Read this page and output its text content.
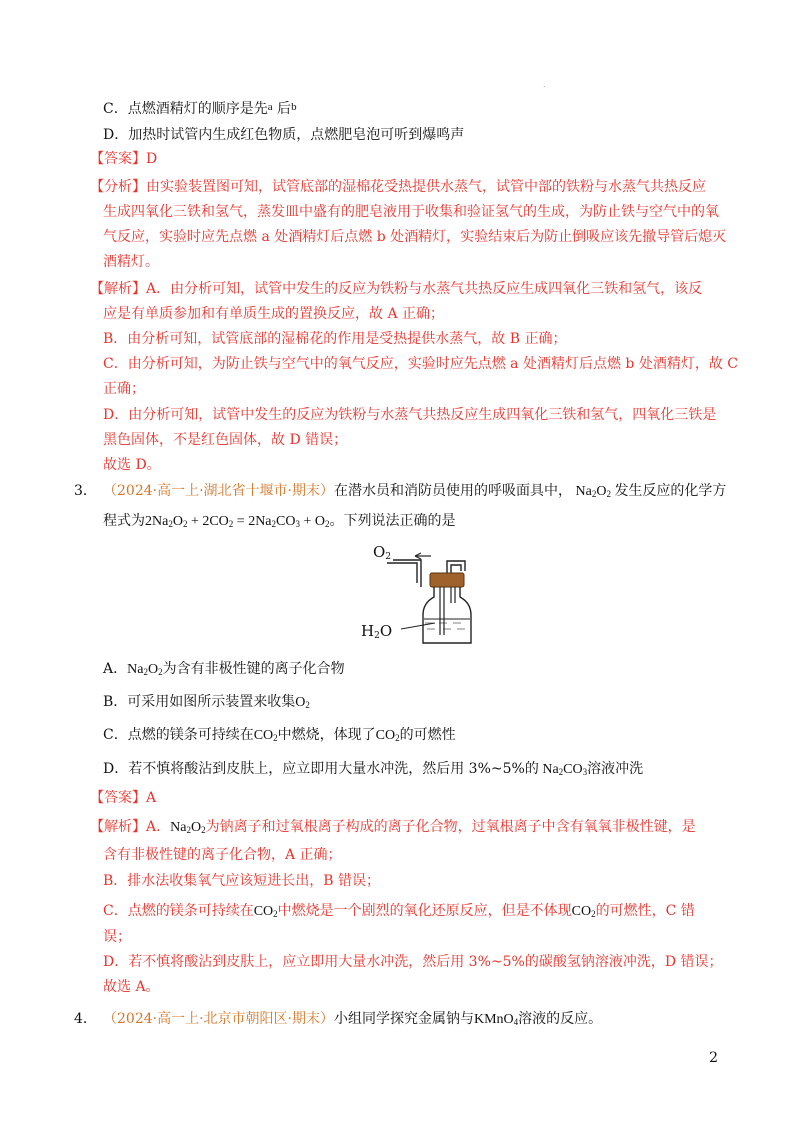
.
C．点燃酒精灯的顺序是先$^a$ 后$^b$
D．加热时试管内生成红色物质，点燃肥皂泡可听到爆鸣声
【答案】D
【分析】由实验装置图可知，试管底部的湿棉花受热提供水蒸气，试管中部的铁粉与水蒸气共热反应
生成四氧化三铁和氢气，蒸发皿中盛有的肥皂液用于收集和验证氢气的生成，为防止铁与空气中的氧
气反应，实验时应先点燃 a 处酒精灯后点燃 b 处酒精灯，实验结束后为防止倒吸应该先撤导管后熄灭
酒精灯。
【解析】A．由分析可知，试管中发生的反应为铁粉与水蒸气共热反应生成四氧化三铁和氢气，该反
应是有单质参加和有单质生成的置换反应，故 A 正确；
B．由分析可知，试管底部的湿棉花的作用是受热提供水蒸气，故 B 正确；
C．由分析可知，为防止铁与空气中的氧气反应，实验时应先点燃 a 处酒精灯后点燃 b 处酒精灯，故 C
正确；
D．由分析可知，试管中发生的反应为铁粉与水蒸气共热反应生成四氧化三铁和氢气，四氧化三铁是
黑色固体，不是红色固体，故 D 错误；
故选 D。
3． （2024·高一上·湖北省十堰市·期末）在潜水员和消防员使用的呼吸面具中， $Na_2O_2$ 发生反应的化学方
程式为$2Na_2O_2 + 2CO_2 = 2Na_2CO_3 + O_2$。下列说法正确的是
$O_2$
$H_2O$
A．$Na_2O_2$为含有非极性键的离子化合物
B．可采用如图所示装置来收集$O_2$
C．点燃的镁条可持续在$CO_2$中燃烧，体现了$CO_2$的可燃性
D．若不慎将酸沾到皮肤上，应立即用大量水冲洗，然后用 3%~5%的 $Na_2CO_3$溶液冲洗
【答案】A
【解析】A．$Na_2O_2$为钠离子和过氧根离子构成的离子化合物，过氧根离子中含有氧氧非极性键，是
含有非极性键的离子化合物，A 正确；
B．排水法收集氧气应该短进长出，B 错误；
C．点燃的镁条可持续在$CO_2$中燃烧是一个剧烈的氧化还原反应，但是不体现$CO_2$的可燃性，C 错
误；
D．若不慎将酸沾到皮肤上，应立即用大量水冲洗，然后用 3%~5%的碳酸氢钠溶液冲洗，D 错误；
故选 A。
4． （2024·高一上·北京市朝阳区·期末）小组同学探究金属钠与KMnO$_4$溶液的反应。
2
